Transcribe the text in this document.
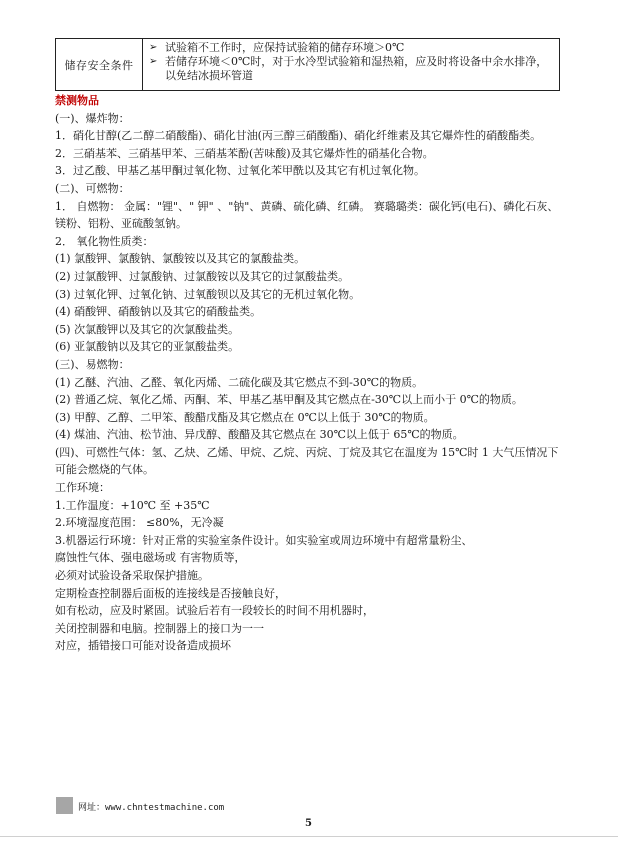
储存安全条件
➢ 试验箱不工作时，应保持试验箱的储存环境＞0℃
➢ 若储存环境＜0℃时，对于水冷型试验箱和湿热箱，应及时将设备中余水排净，以免结冰损坏管道
禁测物品
(一)、爆炸物：
1．硝化甘醇(乙二醇二硝酸酯)、硝化甘油(丙三醇三硝酸酯)、硝化纤维素及其它爆炸性的硝酸酯类。
2．三硝基苯、三硝基甲苯、三硝基苯酚(苦味酸)及其它爆炸性的硝基化合物。
3．过乙酸、甲基乙基甲酮过氧化物、过氧化苯甲酰以及其它有机过氧化物。
(二)、可燃物：
1． 自燃物： 金属："锂"、" 钾" 、"钠"、黄磷、硫化磷、红磷。 赛璐璐类：碳化钙(电石)、磷化石灰、镁粉、铝粉、亚硫酸氢钠。
2． 氧化物性质类：
(1) 氯酸钾、氯酸钠、氯酸铵以及其它的氯酸盐类。
(2) 过氯酸钾、过氯酸钠、过氯酸铵以及其它的过氯酸盐类。
(3) 过氧化钾、过氧化钠、过氧酸钡以及其它的无机过氧化物。
(4) 硝酸钾、硝酸钠以及其它的硝酸盐类。
(5) 次氯酸钾以及其它的次氯酸盐类。
(6) 亚氯酸钠以及其它的亚氯酸盐类。
(三)、易燃物：
(1) 乙醚、汽油、乙醛、氧化丙烯、二硫化碳及其它燃点不到-30℃的物质。
(2) 普通乙烷、氧化乙烯、丙酮、苯、甲基乙基甲酮及其它燃点在-30℃以上而小于 0℃的物质。
(3) 甲醇、乙醇、二甲笨、酸醋戊酯及其它燃点在 0℃以上低于 30℃的物质。
(4) 煤油、汽油、松节油、异戊醇、酸醋及其它燃点在 30℃以上低于 65℃的物质。
(四)、可燃性气体：氢、乙炔、乙烯、甲烷、乙烷、丙烷、丁烷及其它在温度为 15℃时 1 大气压情况下可能会燃烧的气体。
工作环境：
1.工作温度：+10℃ 至 +35℃
2.环境湿度范围： ≤80%，无冷凝
3.机器运行环境：针对正常的实验室条件设计。如实验室或周边环境中有超常量粉尘、
腐蚀性气体、强电磁场或 有害物质等，
必须对试验设备采取保护措施。
定期检查控制器后面板的连接线是否接触良好，
如有松动，应及时紧固。试验后若有一段较长的时间不用机器时，
关闭控制器和电脑。控制器上的接口为一一
对应，插错接口可能对设备造成损坏
网址：www.chntestmachine.com
5
